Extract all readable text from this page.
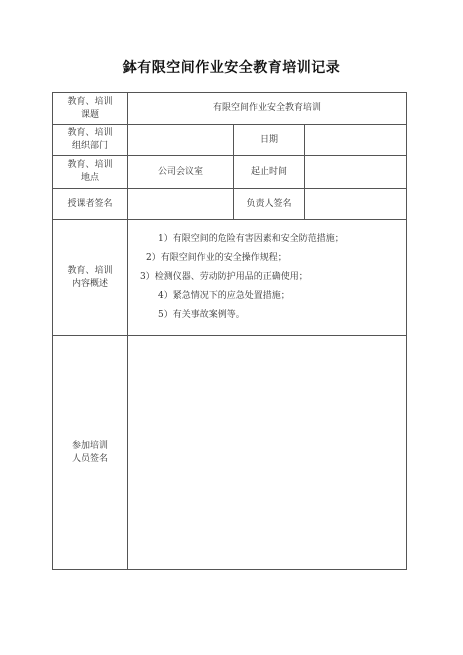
鉢有限空间作业安全教育培训记录
教育、培训
课题	有限空间作业安全教育培训		
教育、培训
组织部门		日期	
教育、培训
地点	公司会议室	起止时间	
授课者签名		负责人签名	
教育、培训
内容概述	1）有限空间的危险有害因素和安全防范措施；
2）有限空间作业的安全操作规程；
3）检测仪器、劳动防护用品的正确使用；
4）紧急情况下的应急处置措施；
5）有关事故案例等。		

参加培训
人员签名			
